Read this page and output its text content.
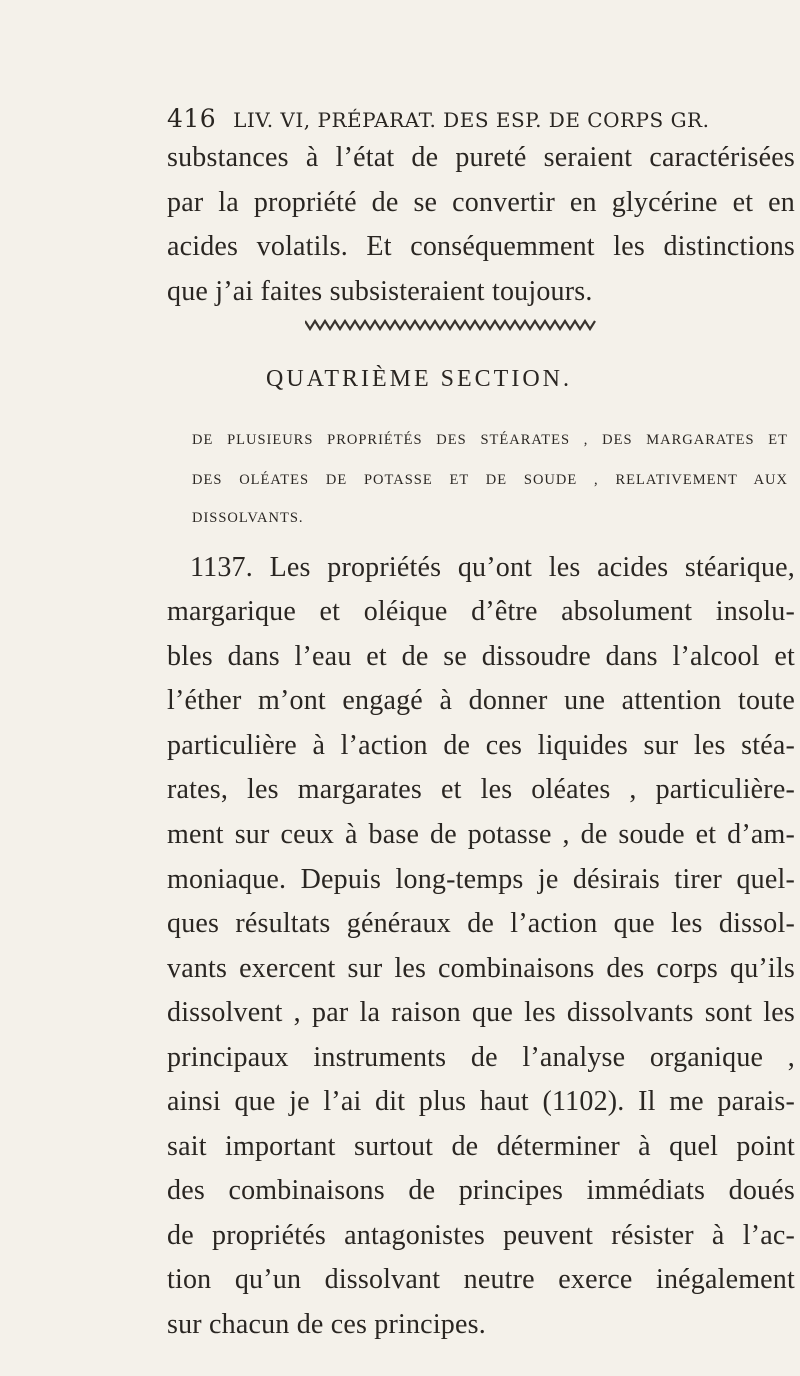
416 LIV. VI, PRÉPARAT. DES ESP. DE CORPS GR.
substances à l’état de pureté seraient caractérisées
par la propriété de se convertir en glycérine et en
acides volatils. Et conséquemment les distinctions
que j’ai faites subsisteraient toujours.
QUATRIÈME SECTION.
DE PLUSIEURS PROPRIÉTÉS DES STÉARATES , DES MARGARATES ET
DES OLÉATES DE POTASSE ET DE SOUDE , RELATIVEMENT AUX
DISSOLVANTS.
1137. Les propriétés qu’ont les acides stéarique,
margarique et oléique d’être absolument insolu-
bles dans l’eau et de se dissoudre dans l’alcool et
l’éther m’ont engagé à donner une attention toute
particulière à l’action de ces liquides sur les stéa-
rates, les margarates et les oléates , particulière-
ment sur ceux à base de potasse , de soude et d’am-
moniaque. Depuis long-temps je désirais tirer quel-
ques résultats généraux de l’action que les dissol-
vants exercent sur les combinaisons des corps qu’ils
dissolvent , par la raison que les dissolvants sont les
principaux instruments de l’analyse organique ,
ainsi que je l’ai dit plus haut (1102). Il me parais-
sait important surtout de déterminer à quel point
des combinaisons de principes immédiats doués
de propriétés antagonistes peuvent résister à l’ac-
tion qu’un dissolvant neutre exerce inégalement
sur chacun de ces principes.
